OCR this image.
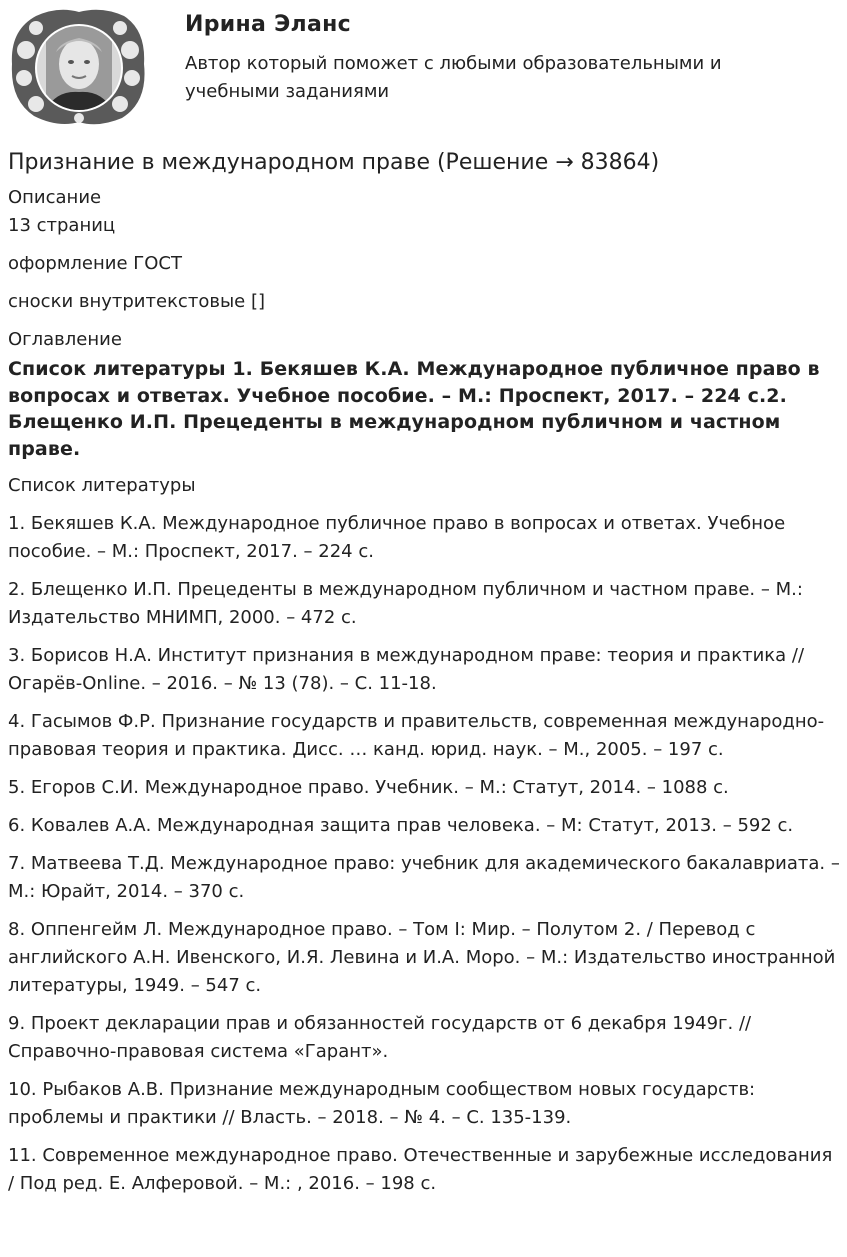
Ирина Эланс
Автор который поможет с любыми образовательными и учебными заданиями
Признание в международном праве (Решение → 83864)

Описание

13 страниц

оформление ГОСТ

сноски внутритекстовые []

Оглавление

Список литературы 1. Бекяшев К.А. Международное публичное право в вопросах и ответах. Учебное пособие. – М.: Проспект, 2017. – 224 с.2. Блещенко И.П. Прецеденты в международном публичном и частном праве.

Список литературы

1. Бекяшев К.А. Международное публичное право в вопросах и ответах. Учебное пособие. – М.: Проспект, 2017. – 224 с.

2. Блещенко И.П. Прецеденты в международном публичном и частном праве. – М.: Издательство МНИМП, 2000. – 472 с.

3. Борисов Н.А. Институт признания в международном праве: теория и практика // Огарёв-Online. – 2016. – № 13 (78). – С. 11-18.

4. Гасымов Ф.Р. Признание государств и правительств, современная международно-правовая теория и практика. Дисс. … канд. юрид. наук. – М., 2005. – 197 с.

5. Егоров С.И. Международное право. Учебник. – М.: Статут, 2014. – 1088 с.

6. Ковалев А.А. Международная защита прав человека. – М: Статут, 2013. – 592 с.

7. Матвеева Т.Д. Международное право: учебник для академического бакалавриата. – М.: Юрайт, 2014. – 370 с.

8. Оппенгейм Л. Международное право. – Том I: Мир. – Полутом 2. / Перевод с английского А.Н. Ивенского, И.Я. Левина и И.А. Моро. – М.: Издательство иностранной литературы, 1949. – 547 с.

9. Проект декларации прав и обязанностей государств от 6 декабря 1949г. // Справочно-правовая система «Гарант».

10. Рыбаков А.В. Признание международным сообществом новых государств: проблемы и практики // Власть. – 2018. – № 4. – С. 135-139.

11. Современное международное право. Отечественные и зарубежные исследования / Под ред. Е. Алферовой. – М.: , 2016. – 198 с.
